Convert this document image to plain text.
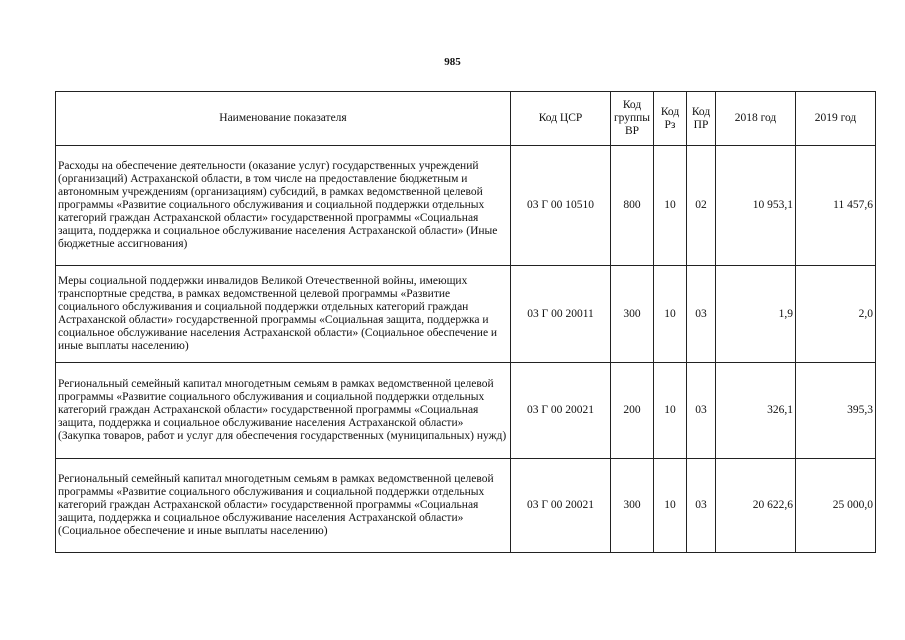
985
Наименование показателя	Код ЦСР	Код группы ВР	Код Рз	Код ПР	2018 год	2019 год
Расходы на обеспечение деятельности (оказание услуг) государственных учреждений (организаций) Астраханской области, в том числе на предоставление бюджетным и автономным учреждениям (организациям) субсидий, в рамках ведомственной целевой программы «Развитие социального обслуживания и социальной поддержки отдельных категорий граждан Астраханской области» государственной программы «Социальная защита, поддержка и социальное обслуживание населения Астраханской области» (Иные бюджетные ассигнования)	03 Г 00 10510	800	10	02	10 953,1	11 457,6
Меры социальной поддержки инвалидов Великой Отечественной войны, имеющих транспортные средства, в рамках ведомственной целевой программы «Развитие социального обслуживания и социальной поддержки отдельных категорий граждан Астраханской области» государственной программы «Социальная защита, поддержка и социальное обслуживание населения Астраханской области» (Социальное обеспечение и иные выплаты населению)	03 Г 00 20011	300	10	03	1,9	2,0
Региональный семейный капитал многодетным семьям в рамках ведомственной целевой программы «Развитие социального обслуживания и социальной поддержки отдельных категорий граждан Астраханской области» государственной программы «Социальная защита, поддержка и социальное обслуживание населения Астраханской области» (Закупка товаров, работ и услуг для обеспечения государственных (муниципальных) нужд)	03 Г 00 20021	200	10	03	326,1	395,3
Региональный семейный капитал многодетным семьям в рамках ведомственной целевой программы «Развитие социального обслуживания и социальной поддержки отдельных категорий граждан Астраханской области» государственной программы «Социальная защита, поддержка и социальное обслуживание населения Астраханской области» (Социальное обеспечение и иные выплаты населению)	03 Г 00 20021	300	10	03	20 622,6	25 000,0
